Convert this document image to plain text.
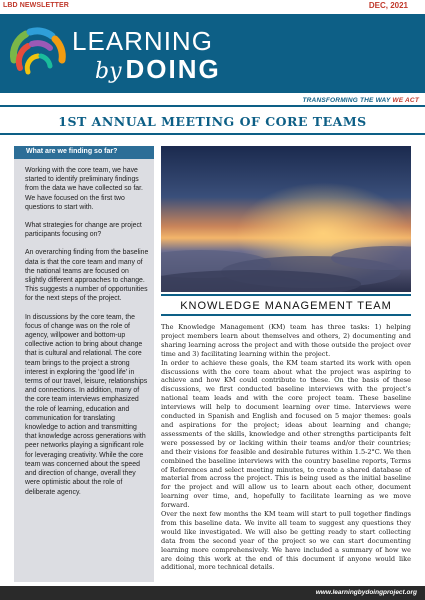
LBD NEWSLETTER	DEC, 2021
LEARNING
by DOING
TRANSFORMING THE WAY WE ACT
1ST ANNUAL MEETING OF CORE TEAMS
What are we finding so far?

Working with the core team, we have started to identify preliminary findings from the data we have collected so far. We have focused on the first two questions to start with.

What strategies for change are project participants focusing on?

An overarching finding from the baseline data is that the core team and many of the national teams are focused on slightly different approaches to change. This suggests a number of opportunities for the next steps of the project.

In discussions by the core team, the focus of change was on the role of agency, willpower and bottom-up collective action to bring about change that is cultural and relational. The core team brings to the project a strong interest in exploring the ‘good life’ in terms of our travel, leisure, relationships and connections. In addition, many of the core team interviews emphasized the role of learning, education and communication for translating knowledge to action and transmitting that knowledge across generations with peer networks playing a significant role for leveraging creativity. While the core team was concerned about the speed and direction of change, overall they were optimistic about the role of deliberate agency.

KNOWLEDGE MANAGEMENT TEAM

The Knowledge Management (KM) team has three tasks: 1) helping project members learn about themselves and others, 2) documenting and sharing learning across the project and with those outside the project over time and 3) facilitating learning within the project.

In order to achieve these goals, the KM team started its work with open discussions with the core team about what the project was aspiring to achieve and how KM could contribute to these. On the basis of these discussions, we first conducted baseline interviews with the project’s national team leads and with the core project team. These baseline interviews will help to document learning over time. Interviews were conducted in Spanish and English and focused on 5 major themes: goals and aspirations for the project; ideas about learning and change; assessments of the skills, knowledge and other strengths participants felt were possessed by or lacking within their teams and/or their countries; and their visions for feasible and desirable futures within 1.5-2°C. We then combined the baseline interviews with the country baseline reports, Terms of References and select meeting minutes, to create a shared database of material from across the project. This is being used as the initial baseline for the project and will allow us to learn about each other, document learning over time, and, hopefully to facilitate learning as we move forward.

Over the next few months the KM team will start to pull together findings from this baseline data. We invite all team to suggest any questions they would like investigated. We will also be getting ready to start collecting data from the second year of the project so we can start documenting learning more comprehensively. We have included a summary of how we are doing this work at the end of this document if anyone would like additional, more technical details.

www.learningbydoingproject.org
